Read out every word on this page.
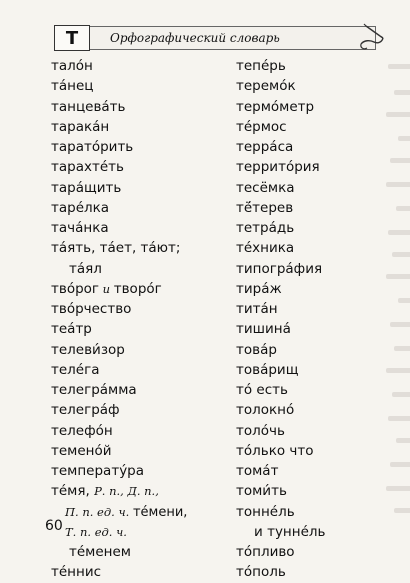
Т	Орфографический словарь
тало́н
та́нец
танцева́ть
тарака́н
тарато́рить
тарахте́ть
тара́щить
таре́лка
тача́нка
та́ять, та́ет, та́ют;
та́ял
тво́рог и творо́г
тво́рчество
теа́тр
телеви́зор
теле́га
телегра́мма
телегра́ф
телефо́н
темено́й
температу́ра
те́мя, Р. п., Д. п.,
П. п. ед. ч. те́мени,
Т. п. ед. ч.
те́менем
те́ннис
тепе́рь
теремо́к
термо́метр
те́рмос
терра́са
террито́рия
тесёмка
тё́терев
тетра́дь
те́хника
типогра́фия
тира́ж
тита́н
тишина́
това́р
това́рищ
то́ есть
толокно́
толо́чь
то́лько что
тома́т
томи́ть
тонне́ль
и тунне́ль
то́пливо
то́поль
60
